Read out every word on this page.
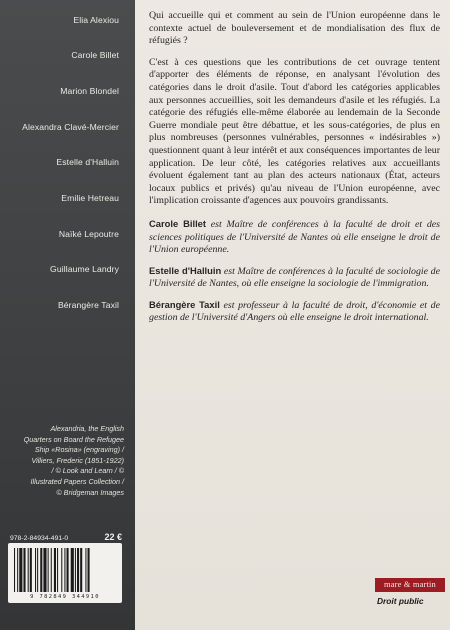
Elia Alexiou
Carole Billet
Marion Blondel
Alexandra Clavé-Mercier
Estelle d'Halluin
Emilie Hetreau
Naïké Lepoutre
Guillaume Landry
Bérangère Taxil
Alexandria, the English
Quarters on Board the Refugee
Ship «Rosina» (engraving) /
Villiers, Frederic (1851-1922)
/ © Look and Learn / ©
Illustrated Papers Collection /
© Bridgeman Images
978-2-84934-491-0	22 €
9 782849 344910

Qui accueille qui et comment au sein de l'Union européenne dans le contexte actuel de bouleversement et de mondialisation des flux de réfugiés ?

C'est à ces questions que les contributions de cet ouvrage tentent d'apporter des éléments de réponse, en analysant l'évolution des catégories dans le droit d'asile. Tout d'abord les catégories applicables aux personnes accueillies, soit les demandeurs d'asile et les réfugiés. La catégorie des réfugiés elle-même élaborée au lendemain de la Seconde Guerre mondiale peut être débattue, et les sous-catégories, de plus en plus nombreuses (personnes vulnérables, personnes « indésirables ») questionnent quant à leur intérêt et aux conséquences importantes de leur application. De leur côté, les catégories relatives aux accueillants évoluent également tant au plan des acteurs nationaux (État, acteurs locaux publics et privés) qu'au niveau de l'Union européenne, avec l'implication croissante d'agences aux pouvoirs grandissants.

Carole Billet est Maître de conférences à la faculté de droit et des sciences politiques de l'Université de Nantes où elle enseigne le droit de l'Union européenne.

Estelle d'Halluin est Maître de conférences à la faculté de sociologie de l'Université de Nantes, où elle enseigne la sociologie de l'immigration.

Bérangère Taxil est professeur à la faculté de droit, d'économie et de gestion de l'Université d'Angers où elle enseigne le droit international.

mare & martin
Droit public
